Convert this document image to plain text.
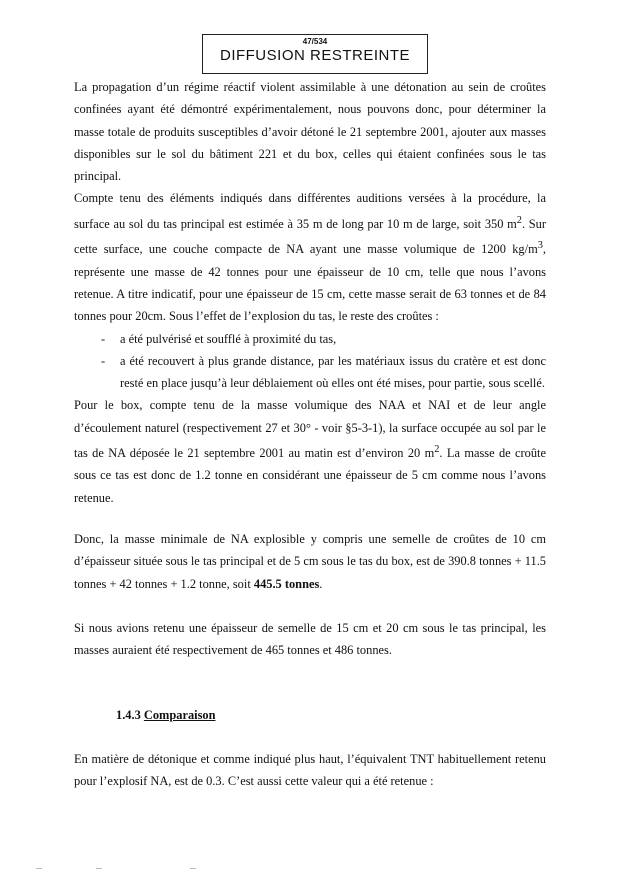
47/534
DIFFUSION RESTREINTE

La propagation d’un régime réactif violent assimilable à une détonation au sein de croûtes confinées ayant été démontré expérimentalement, nous pouvons donc, pour déterminer la masse totale de produits susceptibles d’avoir détoné le 21 septembre 2001, ajouter aux masses disponibles sur le sol du bâtiment 221 et du box, celles qui étaient confinées sous le tas principal.

Compte tenu des éléments indiqués dans différentes auditions versées à la procédure, la surface au sol du tas principal est estimée à 35 m de long par 10 m de large, soit 350 $m^2$. Sur cette surface, une couche compacte de NA ayant une masse volumique de 1200 $kg/m^3$, représente une masse de 42 tonnes pour une épaisseur de 10 cm, telle que nous l’avons retenue. A titre indicatif, pour une épaisseur de 15 cm, cette masse serait de 63 tonnes et de 84 tonnes pour 20cm. Sous l’effet de l’explosion du tas, le reste des croûtes :

- a été pulvérisé et soufflé à proximité du tas,
- a été recouvert à plus grande distance, par les matériaux issus du cratère et est donc resté en place jusqu’à leur déblaiement où elles ont été mises, pour partie, sous scellé.

Pour le box, compte tenu de la masse volumique des NAA et NAI et de leur angle d’écoulement naturel (respectivement 27 et 30° - voir §5-3-1), la surface occupée au sol par le tas de NA déposée le 21 septembre 2001 au matin est d’environ 20 $m^2$. La masse de croûte sous ce tas est donc de 1.2 tonne en considérant une épaisseur de 5 cm comme nous l’avons retenue.

Donc, la masse minimale de NA explosible y compris une semelle de croûtes de 10 cm d’épaisseur située sous le tas principal et de 5 cm sous le tas du box, est de 390.8 tonnes + 11.5 tonnes + 42 tonnes + 1.2 tonne, soit 445.5 tonnes.

Si nous avions retenu une épaisseur de semelle de 15 cm et 20 cm sous le tas principal, les masses auraient été respectivement de 465 tonnes et 486 tonnes.

1.4.3 Comparaison

En matière de détonique et comme indiqué plus haut, l’équivalent TNT habituellement retenu pour l’explosif NA, est de 0.3. C’est aussi cette valeur qui a été retenue :
